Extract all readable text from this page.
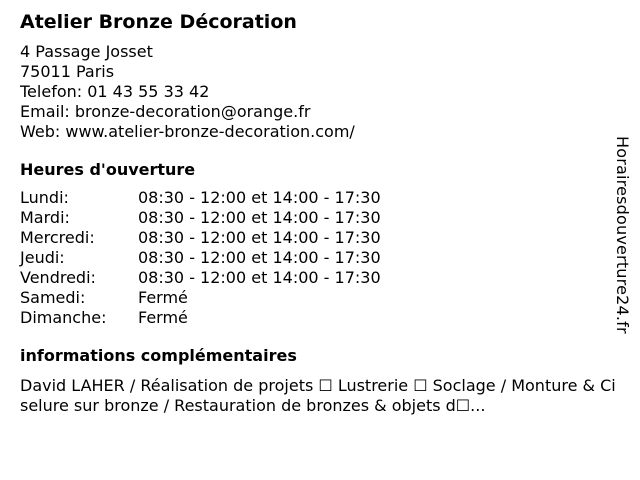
Atelier Bronze Décoration
4 Passage Josset
75011 Paris
Telefon: 01 43 55 33 42
Email: bronze-decoration@orange.fr
Web: www.atelier-bronze-decoration.com/
Heures d'ouverture
Lundi:	08:30 - 12:00 et 14:00 - 17:30
Mardi:	08:30 - 12:00 et 14:00 - 17:30
Mercredi:	08:30 - 12:00 et 14:00 - 17:30
Jeudi:	08:30 - 12:00 et 14:00 - 17:30
Vendredi:	08:30 - 12:00 et 14:00 - 17:30
Samedi:	Fermé
Dimanche:	Fermé
informations complémentaires
David LAHER / Réalisation de projets ☐ Lustrerie ☐ Soclage / Monture & Ciselure sur bronze / Restauration de bronzes & objets d☐...
Horairesdouverture24.fr
